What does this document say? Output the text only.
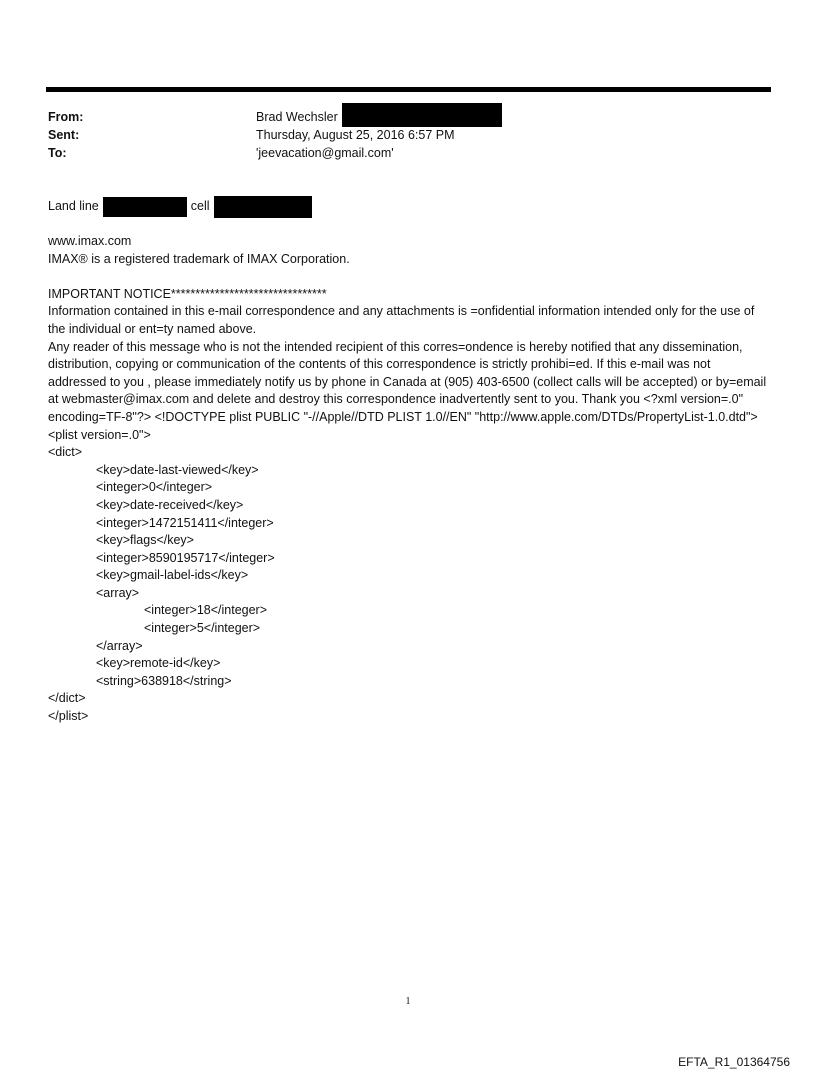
From:	Brad Wechsler
Sent:	Thursday, August 25, 2016 6:57 PM
To:	'jeevacation@gmail.com'
Land line	cell
www.imax.com
IMAX® is a registered trademark of IMAX Corporation.
IMPORTANT NOTICE********************************
Information contained in this e-mail correspondence and any attachments is =onfidential information intended only for the use of the individual or ent=ty named above.
Any reader of this message who is not the intended recipient of this corres=ondence is hereby notified that any dissemination, distribution, copying or communication of the contents of this correspondence is strictly prohibi=ed. If this e-mail was not addressed to you , please immediately notify us by phone in Canada at (905) 403-6500 (collect calls will be accepted) or by=email at webmaster@imax.com and delete and destroy this correspondence inadvertently sent to you. Thank you <?xml version=.0" encoding=TF-8"?> <!DOCTYPE plist PUBLIC "-//Apple//DTD PLIST 1.0//EN" "http://www.apple.com/DTDs/PropertyList-1.0.dtd">
<plist version=.0">
<dict>
<key>date-last-viewed</key>
<integer>0</integer>
<key>date-received</key>
<integer>1472151411</integer>
<key>flags</key>
<integer>8590195717</integer>
<key>gmail-label-ids</key>
<array>
<integer>18</integer>
<integer>5</integer>
</array>
<key>remote-id</key>
<string>638918</string>
</dict>
</plist>
1
EFTA_R1_01364756
